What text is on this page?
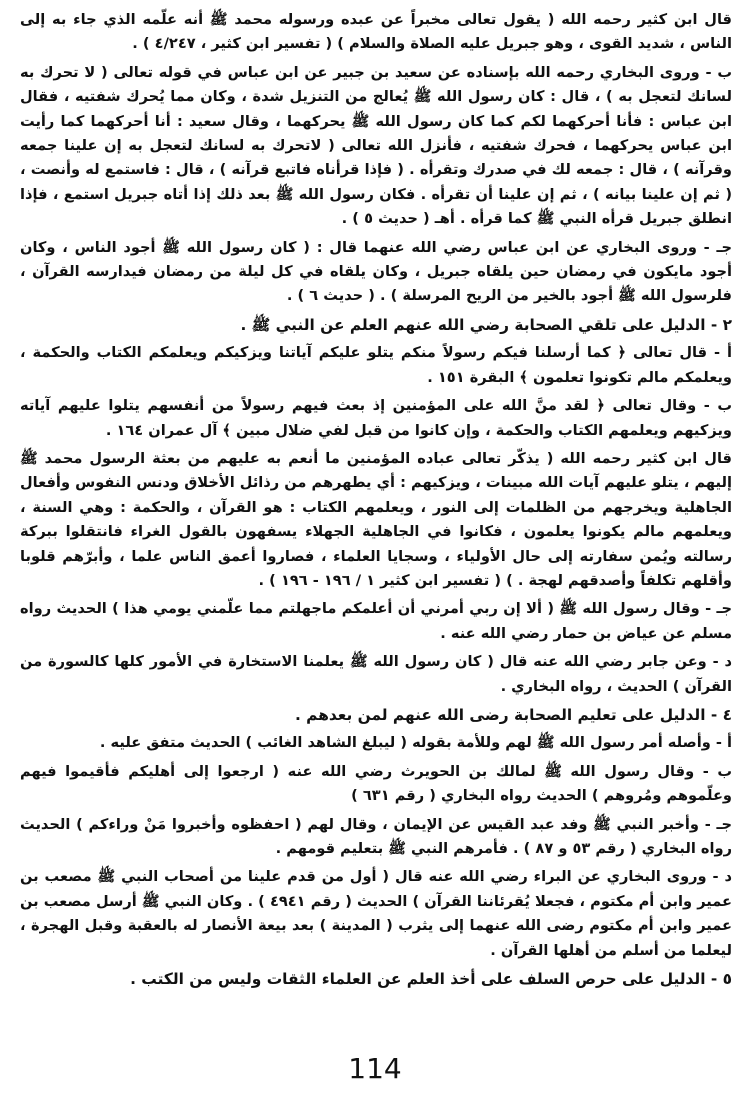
قال ابن كثير رحمه الله ( يقول تعالى مخبراً عن عبده ورسوله محمد ﷺ أنه علّمه الذي جاء به إلى الناس ، شديد القوى ، وهو جبريل عليه الصلاة والسلام ) ( تفسير ابن كثير ، ٤/٢٤٧ ) .

ب - وروى البخاري رحمه الله بإسناده عن سعيد بن جبير عن ابن عباس في قوله تعالى ( لا تحرك به لسانك لتعجل به ) ، قال : كان رسول الله ﷺ يُعالج من التنزيل شدة ، وكان مما يُحرك شفتيه ، فقال ابن عباس : فأنا أحركهما لكم كما كان رسول الله ﷺ يحركهما ، وقال سعيد : أنا أحركهما كما رأيت ابن عباس يحركهما ، فحرك شفتيه ، فأنزل الله تعالى ( لاتحرك به لسانك لتعجل به إن علينا جمعه وقرآنه ) ، قال : جمعه لك في صدرك وتقرأه . ( فإذا قرأناه فاتبع قرآنه ) ، قال : فاستمع له وأنصت ، ( ثم إن علينا بيانه ) ، ثم إن علينا أن تقرأه . فكان رسول الله ﷺ بعد ذلك إذا أتاه جبريل استمع ، فإذا انطلق جبريل قرأه النبي ﷺ كما قرأه . أهـ ( حديث ٥ ) .

جـ - وروى البخاري عن ابن عباس رضي الله عنهما قال : ( كان رسول الله ﷺ أجود الناس ، وكان أجود مايكون في رمضان حين يلقاه جبريل ، وكان يلقاه في كل ليلة من رمضان فيدارسه القرآن ، فلرسول الله ﷺ أجود بالخير من الريح المرسلة ) . ( حديث ٦ ) .

٢ - الدليل على تلقي الصحابة رضي الله عنهم العلم عن النبي ﷺ .

أ - قال تعالى ﴿ كما أرسلنا فيكم رسولاً منكم يتلو عليكم آياتنا ويزكيكم ويعلمكم الكتاب والحكمة ، ويعلمكم مالم تكونوا تعلمون ﴾ البقرة ١٥١ .

ب - وقال تعالى ﴿ لقد منَّ الله على المؤمنين إذ بعث فيهم رسولاً من أنفسهم يتلوا عليهم آياته ويزكيهم ويعلمهم الكتاب والحكمة ، وإن كانوا من قبل لفي ضلال مبين ﴾ آل عمران ١٦٤ .

قال ابن كثير رحمه الله ( يذكّر تعالى عباده المؤمنين ما أنعم به عليهم من بعثة الرسول محمد ﷺ إليهم ، يتلو عليهم آيات الله مبينات ، ويزكيهم : أي يطهرهم من رذائل الأخلاق ودنس النفوس وأفعال الجاهلية ويخرجهم من الظلمات إلى النور ، ويعلمهم الكتاب : هو القرآن ، والحكمة : وهي السنة ، ويعلمهم مالم يكونوا يعلمون ، فكانوا في الجاهلية الجهلاء يسفهون بالقول الغراء فانتقلوا ببركة رسالته ويُمن سفارته إلى حال الأولياء ، وسجايا العلماء ، فصاروا أعمق الناس علما ، وأبرّهم قلوبا وأقلهم تكلفاً وأصدقهم لهجة . ) ( تفسير ابن كثير ١ / ١٩٦ - ١٩٦ ) .

جـ - وقال رسول الله ﷺ ( ألا إن ربي أمرني أن أعلمكم ماجهلتم مما علّمني يومي هذا ) الحديث رواه مسلم عن عياض بن حمار رضي الله عنه .

د - وعن جابر رضي الله عنه قال ( كان رسول الله ﷺ يعلمنا الاستخارة في الأمور كلها كالسورة من القرآن ) الحديث ، رواه البخاري .

٤ - الدليل على تعليم الصحابة رضى الله عنهم لمن بعدهم .

أ - وأصله أمر رسول الله ﷺ لهم وللأمة بقوله ( ليبلغ الشاهد الغائب ) الحديث متفق عليه .

ب - وقال رسول الله ﷺ لمالك بن الحويرث رضي الله عنه ( ارجعوا إلى أهليكم فأقيموا فيهم وعلّموهم ومُروهم ) الحديث رواه البخاري ( رقم ٦٣١ )

جـ - وأخبر النبي ﷺ وفد عبد القيس عن الإيمان ، وقال لهم ( احفظوه وأخبروا مَنْ وراءكم ) الحديث رواه البخاري ( رقم ٥٣ و ٨٧ ) . فأمرهم النبي ﷺ بتعليم قومهم .

د - وروى البخاري عن البراء رضي الله عنه قال ( أول من قدم علينا من أصحاب النبي ﷺ مصعب بن عمير وابن أم مكتوم ، فجعلا يُقرئاننا القرآن ) الحديث ( رقم ٤٩٤١ ) . وكان النبي ﷺ أرسل مصعب بن عمير وابن أم مكتوم رضى الله عنهما إلى يثرب ( المدينة ) بعد بيعة الأنصار له بالعقبة وقبل الهجرة ، ليعلما من أسلم من أهلها القرآن .

٥ - الدليل على حرص السلف على أخذ العلم عن العلماء الثقات وليس من الكتب .

114
